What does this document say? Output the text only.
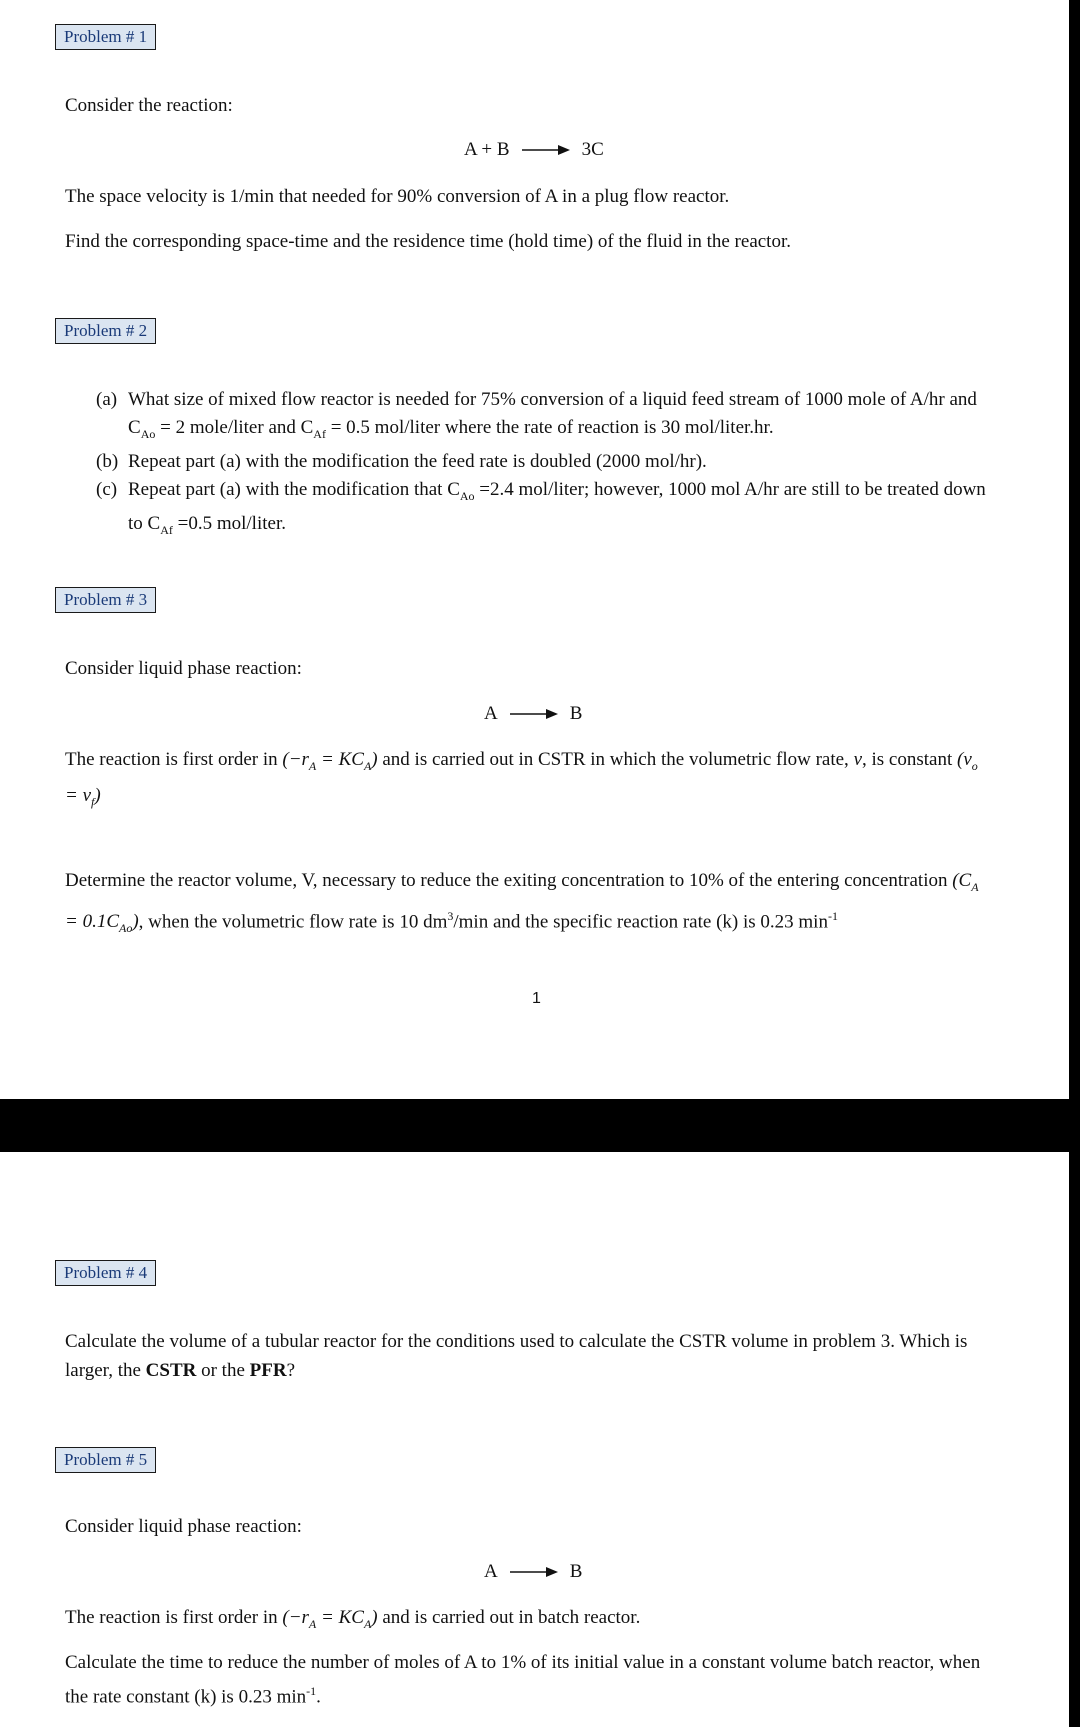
Problem # 1

Consider the reaction:

A + B → 3C

The space velocity is 1/min that needed for 90% conversion of A in a plug flow reactor.

Find the corresponding space-time and the residence time (hold time) of the fluid in the reactor.

Problem # 2
(a) What size of mixed flow reactor is needed for 75% conversion of a liquid feed stream of 1000 mole of A/hr and $C_{Ao} = 2$ mole/liter and $C_{Af} = 0.5$ mol/liter where the rate of reaction is 30 mol/liter.hr.
(b) Repeat part (a) with the modification the feed rate is doubled (2000 mol/hr).
(c) Repeat part (a) with the modification that $C_{Ao} =2.4$ mol/liter; however, 1000 mol A/hr are still to be treated down to $C_{Af} =0.5$ mol/liter.
Problem # 3

Consider liquid phase reaction:

A → B

The reaction is first order in $(-r_A = KC_A)$ and is carried out in CSTR in which the volumetric flow rate, v, is constant $(v_o = v_f)$

Determine the reactor volume, V, necessary to reduce the exiting concentration to 10% of the entering concentration $(C_A = 0.1C_{Ao})$, when the volumetric flow rate is 10 $dm^3/\min$ and the specific reaction rate (k) is 0.23 $\min^{-1}$

1
Problem # 4

Calculate the volume of a tubular reactor for the conditions used to calculate the CSTR volume in problem 3. Which is larger, the CSTR or the PFR?

Problem # 5

Consider liquid phase reaction:

A → B

The reaction is first order in $(-r_A = KC_A)$ and is carried out in batch reactor.

Calculate the time to reduce the number of moles of A to 1% of its initial value in a constant volume batch reactor, when the rate constant (k) is 0.23 $\min^{-1}$.
